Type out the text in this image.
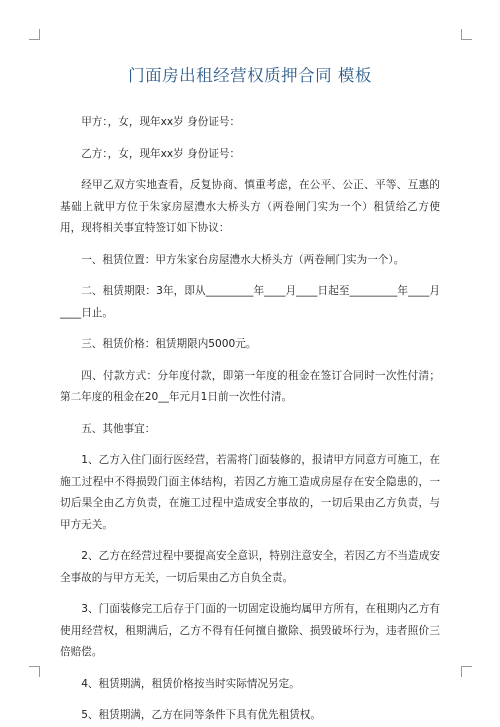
门面房出租经营权质押合同 模板

甲方：，女，现年xx岁 身份证号：

乙方：，女，现年xx岁 身份证号：

经甲乙双方实地查看，反复协商、慎重考虑，在公平、公正、平等、互惠的基础上就甲方位于朱家房屋澧水大桥头方（两卷闸门实为一个）租赁给乙方使用，现将相关事宜特签订如下协议：

一、租赁位置：甲方朱家台房屋澧水大桥头方（两卷闸门实为一个）。

二、租赁期限：3年，即从_________年____月____日起至_________年____月____日止。

三、租赁价格：租赁期限内5000元。

四、付款方式：分年度付款，即第一年度的租金在签订合同时一次性付清；第二年度的租金在20__年元月1日前一次性付清。

五、其他事宜：

1、乙方入住门面行医经营，若需将门面装修的，报请甲方同意方可施工，在施工过程中不得损毁门面主体结构，若因乙方施工造成房屋存在安全隐患的，一切后果全由乙方负责，在施工过程中造成安全事故的，一切后果由乙方负责，与甲方无关。

2、乙方在经营过程中要提高安全意识，特别注意安全，若因乙方不当造成安全事故的与甲方无关，一切后果由乙方自负全责。

3、门面装修完工后存于门面的一切固定设施均属甲方所有，在租期内乙方有使用经营权，租期满后，乙方不得有任何擅自撤除、损毁破坏行为，违者照价三倍赔偿。

4、租赁期满，租赁价格按当时实际情况另定。

5、租赁期满，乙方在同等条件下具有优先租赁权。
